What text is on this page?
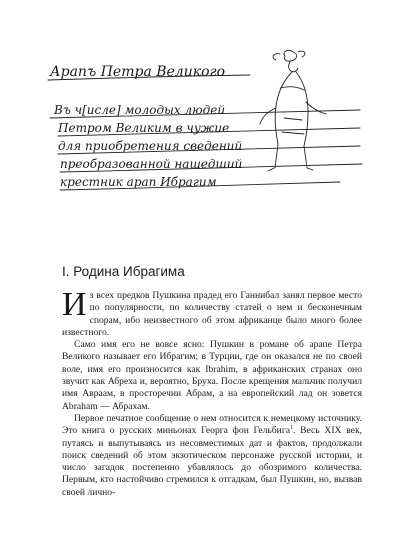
Арапъ Петра Великого
Въ ч[исле] молодых людей
Петром Великим в чужие
для приобретения сведений
преобразованной нашедший
крестник арап Ибрагим
I. Родина Ибрагима

Из всех предков Пушкина прадед его Ганнибал занял первое место по популярности, по количеству статей о нем и бесконечным спорам, ибо неизвестного об этом африканце было много более известного.

Само имя его не вовсе ясно: Пушкин в романе об арапе Петра Великого называет его Ибрагим; в Турции, где он оказался не по своей воле, имя его произносится как Ibrahim, в африканских странах оно звучит как Абреха и, вероятно, Бруха. После крещения мальчик получил имя Авраам, в просторечии Абрам, а на европейский лад он зовется Abraham — Абрахам.

Первое печатное сообщение о нем относится к немецкому источнику. Это книга о русских миньонах Георга фон Гельбига$^1$. Весь XIX век, путаясь и выпутываясь из несовместимых дат и фактов, продолжали поиск сведений об этом экзотическом персонаже русской истории, и число загадок постепенно убавлялось до обозримого количества. Первым, кто настойчиво стремился к отгадкам, был Пушкин, но, вызвав своей лично-
